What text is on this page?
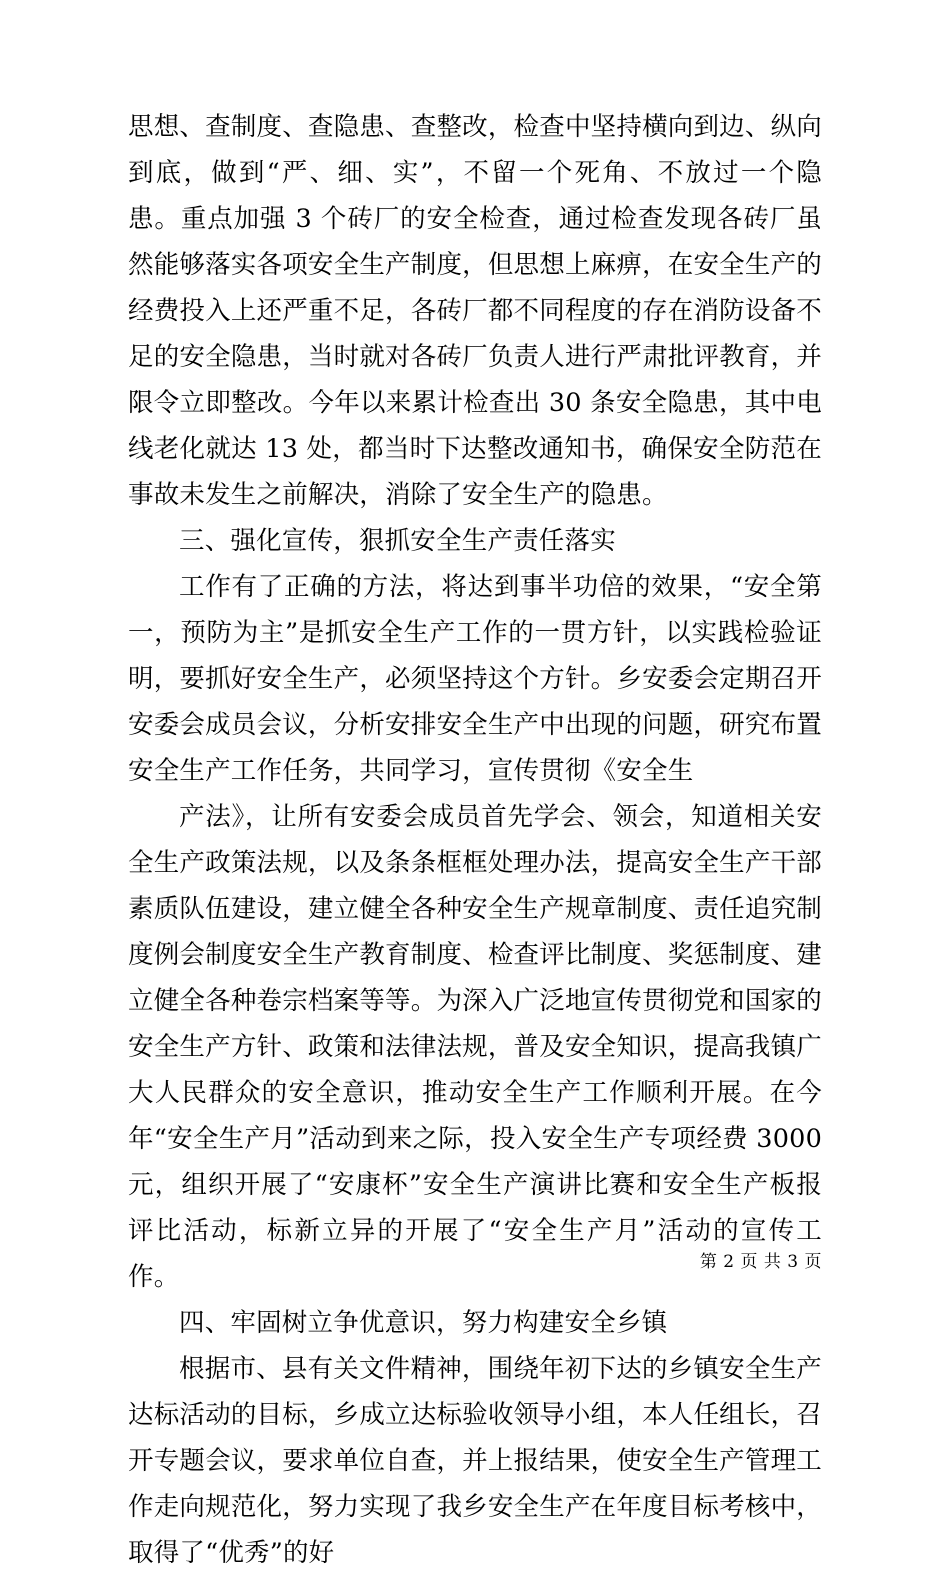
思想、查制度、查隐患、查整改，检查中坚持横向到边、纵向到底，做到“严、细、实”，不留一个死角、不放过一个隐患。重点加强 3 个砖厂的安全检查，通过检查发现各砖厂虽然能够落实各项安全生产制度，但思想上麻痹，在安全生产的经费投入上还严重不足，各砖厂都不同程度的存在消防设备不足的安全隐患，当时就对各砖厂负责人进行严肃批评教育，并限令立即整改。今年以来累计检查出 30 条安全隐患，其中电线老化就达 13 处，都当时下达整改通知书，确保安全防范在事故未发生之前解决，消除了安全生产的隐患。

三、强化宣传，狠抓安全生产责任落实

工作有了正确的方法，将达到事半功倍的效果，“安全第一，预防为主”是抓安全生产工作的一贯方针，以实践检验证明，要抓好安全生产，必须坚持这个方针。乡安委会定期召开安委会成员会议，分析安排安全生产中出现的问题，研究布置安全生产工作任务，共同学习，宣传贯彻《安全生

产法》，让所有安委会成员首先学会、领会，知道相关安全生产政策法规，以及条条框框处理办法，提高安全生产干部素质队伍建设，建立健全各种安全生产规章制度、责任追究制度例会制度安全生产教育制度、检查评比制度、奖惩制度、建立健全各种卷宗档案等等。为深入广泛地宣传贯彻党和国家的安全生产方针、政策和法律法规，普及安全知识，提高我镇广大人民群众的安全意识，推动安全生产工作顺利开展。在今年“安全生产月”活动到来之际，投入安全生产专项经费 3000 元，组织开展了“安康杯”安全生产演讲比赛和安全生产板报评比活动，标新立异的开展了“安全生产月”活动的宣传工作。

四、牢固树立争优意识，努力构建安全乡镇

根据市、县有关文件精神，围绕年初下达的乡镇安全生产达标活动的目标，乡成立达标验收领导小组，本人任组长，召开专题会议，要求单位自查，并上报结果，使安全生产管理工作走向规范化，努力实现了我乡安全生产在年度目标考核中，取得了“优秀”的好

第 2 页 共 3 页
